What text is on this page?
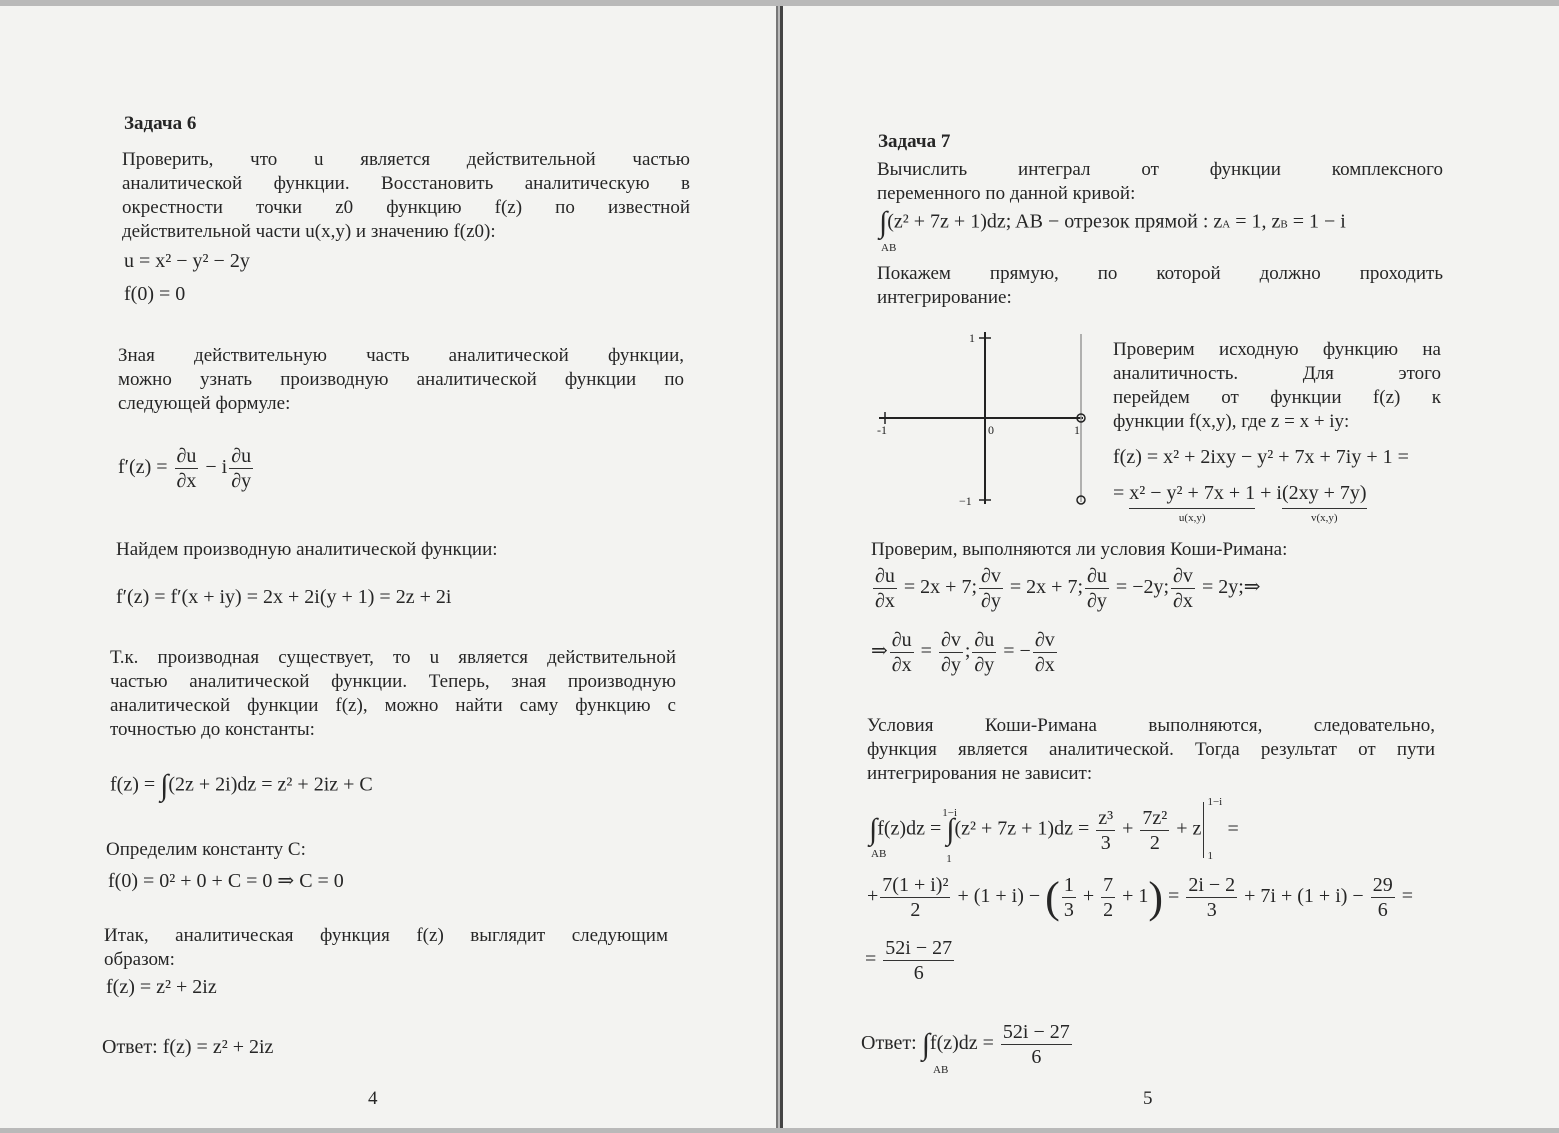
Задача 6
Проверить, что u является действительной частью
аналитической функции. Восстановить аналитическую в
окрестности точки z0 функцию f(z) по известной
действительной части u(x,y) и значению f(z0):
u = x² − y² − 2y
f(0) = 0
Зная действительную часть аналитической функции,
можно узнать производную аналитической функции по
следующей формуле:
$f'(z) = \frac{\partial u}{\partial x} - i \frac{\partial u}{\partial y}$
Найдем производную аналитической функции:
f′(z) = f′(x + iy) = 2x + 2i(y + 1) = 2z + 2i
Т.к. производная существует, то u является действительной
частью аналитической функции. Теперь, зная производную
аналитической функции f(z), можно найти саму функцию с
точностью до константы:
f(z) = ∫(2z + 2i)dz = z² + 2iz + C
Определим константу С:
f(0) = 0² + 0 + C = 0 ⇒ C = 0
Итак, аналитическая функция f(z) выглядит следующим
образом:
f(z) = z² + 2iz
Ответ: f(z) = z² + 2iz
4
Задача 7
Вычислить интеграл от функции комплексного
переменного по данной кривой:
∫(z² + 7z + 1)dz; AB − отрезок прямой : zA = 1, zB = 1 − i
AB
Покажем прямую, по которой должно проходить
интегрирование:
1
−1
-1	0	1
Проверим исходную функцию на
аналитичность. Для этого
перейдем от функции f(z) к
функции f(x,y), где z = x + iy:
f(z) = x² + 2ixy − y² + 7x + 7iy + 1 =
= x² − y² + 7x + 1
u(x,y)
+ i(2xy + 7y)
v(x,y)
Проверим, выполняются ли условия Коши-Римана:
$\frac{\partial u}{\partial x} = 2x + 7$; $\frac{\partial v}{\partial y} = 2x + 7$; $\frac{\partial u}{\partial y} = -2y$; $\frac{\partial v}{\partial x}$ = 2y;⇒
⇒ $\frac{\partial u}{\partial x} = \frac{\partial v}{\partial y}$ ; $\frac{\partial u}{\partial y}$ = − $\frac{\partial v}{\partial x}$
Условия Коши-Римана выполняются, следовательно,
функция является аналитической. Тогда результат от пути
интегрирования не зависит:
∫f(z)dz = ∫
1−i
1
$(z^2 + 7z + 1)dz = \frac{\text{z³}}{3} + \frac{\text{7z²}}{2} + z$
1−i
1
=
AB
+ $\frac{\text{7(1 + i)²}}{2} + (1 + i)$ − ( $\frac{1}{3} + \frac{7}{2} + 1) = \frac{2i - 2}{3} + 7i + (1 + i) - \frac{29}{6}$ =
= $\frac{52i - 27}{6}$
Ответ: $\int f(z)dz = \frac{52i - 27}{6}$
AB
5
